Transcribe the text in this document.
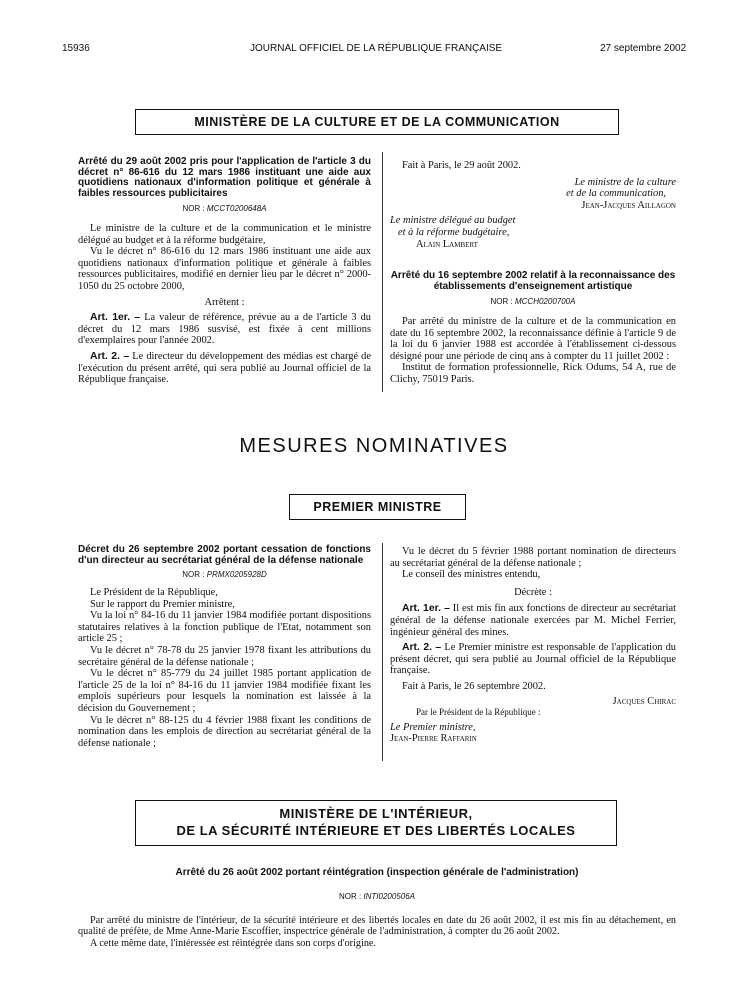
15936	JOURNAL OFFICIEL DE LA RÉPUBLIQUE FRANÇAISE	27 septembre 2002
MINISTÈRE DE LA CULTURE ET DE LA COMMUNICATION
Arrêté du 29 août 2002 pris pour l'application de l'article 3 du décret n° 86-616 du 12 mars 1986 instituant une aide aux quotidiens nationaux d'information politique et générale à faibles ressources publicitaires
NOR : MCCT0200648A

Le ministre de la culture et de la communication et le ministre délégué au budget et à la réforme budgétaire,

Vu le décret n° 86-616 du 12 mars 1986 instituant une aide aux quotidiens nationaux d'information politique et générale à faibles ressources publicitaires, modifié en dernier lieu par le décret n° 2000-1050 du 25 octobre 2000,

Arrêtent :

Art. 1er. – La valeur de référence, prévue au a de l'article 3 du décret du 12 mars 1986 susvisé, est fixée à cent millions d'exemplaires pour l'année 2002.

Art. 2. – Le directeur du développement des médias est chargé de l'exécution du présent arrêté, qui sera publié au Journal officiel de la République française.

Fait à Paris, le 29 août 2002.

Le ministre de la culture

et de la communication,

Jean-Jacques Aillagon

Le ministre délégué au budget

et à la réforme budgétaire,

Alain Lambert

Arrêté du 16 septembre 2002 relatif à la reconnaissance des établissements d'enseignement artistique
NOR : MCCH0200700A

Par arrêté du ministre de la culture et de la communication en date du 16 septembre 2002, la reconnaissance définie à l'article 9 de la loi du 6 janvier 1988 est accordée à l'établissement ci-dessous désigné pour une période de cinq ans à compter du 11 juillet 2002 :

Institut de formation professionnelle, Rick Odums, 54 A, rue de Clichy, 75019 Paris.

MESURES NOMINATIVES
PREMIER MINISTRE
Décret du 26 septembre 2002 portant cessation de fonctions d'un directeur au secrétariat général de la défense nationale
NOR : PRMX0205928D

Le Président de la République,

Sur le rapport du Premier ministre,

Vu la loi n° 84-16 du 11 janvier 1984 modifiée portant dispositions statutaires relatives à la fonction publique de l'Etat, notamment son article 25 ;

Vu le décret n° 78-78 du 25 janvier 1978 fixant les attributions du secrétaire général de la défense nationale ;

Vu le décret n° 85-779 du 24 juillet 1985 portant application de l'article 25 de la loi n° 84-16 du 11 janvier 1984 modifiée fixant les emplois supérieurs pour lesquels la nomination est laissée à la décision du Gouvernement ;

Vu le décret n° 88-125 du 4 février 1988 fixant les conditions de nomination dans les emplois de direction au secrétariat général de la défense nationale ;

Vu le décret du 5 février 1988 portant nomination de directeurs au secrétariat général de la défense nationale ;

Le conseil des ministres entendu,

Décrète :

Art. 1er. – Il est mis fin aux fonctions de directeur au secrétariat général de la défense nationale exercées par M. Michel Ferrier, ingénieur général des mines.

Art. 2. – Le Premier ministre est responsable de l'application du présent décret, qui sera publié au Journal officiel de la République française.

Fait à Paris, le 26 septembre 2002.

Jacques Chirac

Par le Président de la République :

Le Premier ministre,

Jean-Pierre Raffarin

MINISTÈRE DE L'INTÉRIEUR,
DE LA SÉCURITÉ INTÉRIEURE ET DES LIBERTÉS LOCALES
Arrêté du 26 août 2002 portant réintégration (inspection générale de l'administration)
NOR : INTI0200506A

Par arrêté du ministre de l'intérieur, de la sécurité intérieure et des libertés locales en date du 26 août 2002, il est mis fin au détachement, en qualité de préfète, de Mme Anne-Marie Escoffier, inspectrice générale de l'administration, à compter du 26 août 2002.

A cette même date, l'intéressée est réintégrée dans son corps d'origine.
